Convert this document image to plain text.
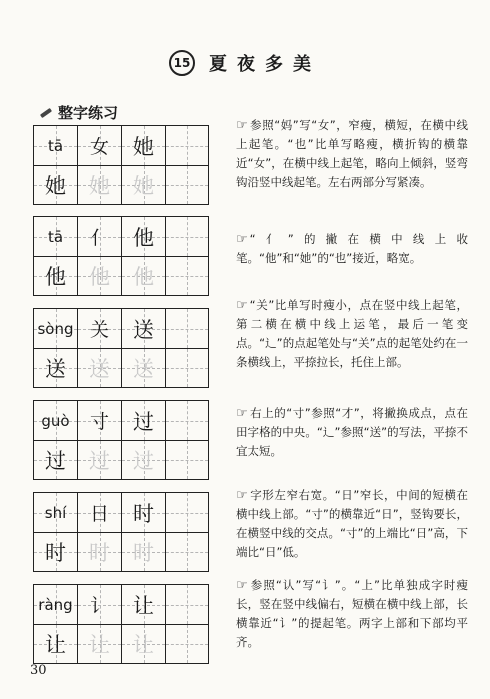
15 夏夜多美
整字练习
tā 女 她
她 她 她
☞ 参照“妈”写“女”，窄瘦，横短，在横中线上起笔。“也”比单写略瘦，横折钩的横靠近“女”，在横中线上起笔，略向上倾斜，竖弯钩沿竖中线起笔。左右两部分写紧凑。
tā 亻 他
他 他 他
☞ “亻”的撇在横中线上收笔。“他”和“她”的“也”接近，略宽。
sòng 关 送
送 送 送
☞ “关”比单写时瘦小，点在竖中线上起笔，第二横在横中线上运笔，最后一笔变点。“辶”的点起笔处与“关”点的起笔处约在一条横线上，平捺拉长，托住上部。
guò 寸 过
过 过 过
☞ 右上的“寸”参照“才”，将撇换成点，点在田字格的中央。“辶”参照“送”的写法，平捺不宜太短。
shí 日 时
时 时 时
☞ 字形左窄右宽。“日”窄长，中间的短横在横中线上部。“寸”的横靠近“日”，竖钩要长，在横竖中线的交点。“寸”的上端比“日”高，下端比“日”低。
ràng 讠 让
让 让 让
☞ 参照“认”写“讠”。“上”比单独成字时瘦长，竖在竖中线偏右，短横在横中线上部，长横靠近“讠”的提起笔。两字上部和下部均平齐。
30
